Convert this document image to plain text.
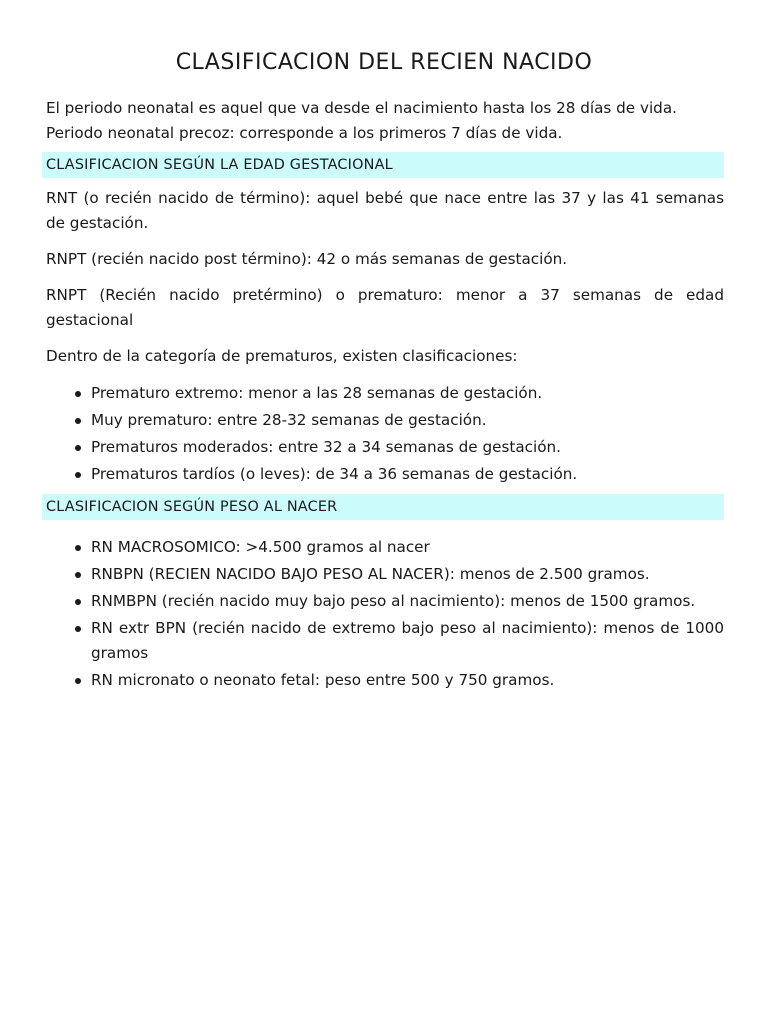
CLASIFICACION DEL RECIEN NACIDO

El periodo neonatal es aquel que va desde el nacimiento hasta los 28 días de vida.

Periodo neonatal precoz: corresponde a los primeros 7 días de vida.

CLASIFICACION SEGÚN LA EDAD GESTACIONAL

RNT (o recién nacido de término): aquel bebé que nace entre las 37 y las 41 semanas de gestación.

RNPT (recién nacido post término): 42 o más semanas de gestación.

RNPT (Recién nacido pretérmino) o prematuro: menor a 37 semanas de edad gestacional

Dentro de la categoría de prematuros, existen clasificaciones:

Prematuro extremo: menor a las 28 semanas de gestación.
Muy prematuro: entre 28-32 semanas de gestación.
Prematuros moderados: entre 32 a 34 semanas de gestación.
Prematuros tardíos (o leves): de 34 a 36 semanas de gestación.
CLASIFICACION SEGÚN PESO AL NACER
RN MACROSOMICO: >4.500 gramos al nacer
RNBPN (RECIEN NACIDO BAJO PESO AL NACER): menos de 2.500 gramos.
RNMBPN (recién nacido muy bajo peso al nacimiento): menos de 1500 gramos.
RN extr BPN (recién nacido de extremo bajo peso al nacimiento): menos de 1000 gramos
RN micronato o neonato fetal: peso entre 500 y 750 gramos.
